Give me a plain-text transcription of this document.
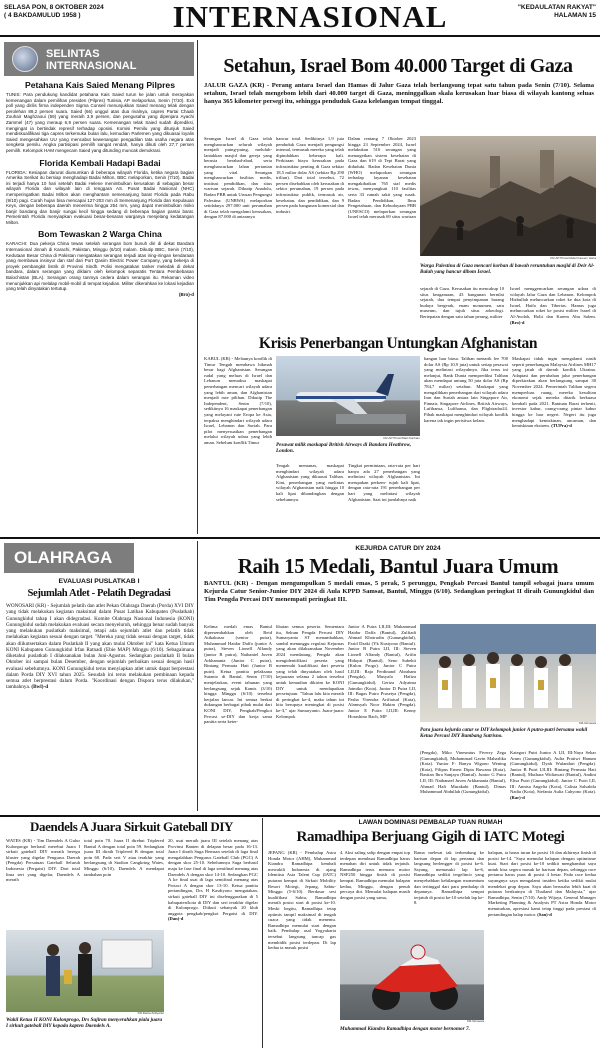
SELASA PON, 8 OKTOBER 2024
( 4 BAKDAMULUD 1958 )	INTERNASIONAL	"KEDAULATAN RAKYAT"
HALAMAN 15
SELINTAS
INTERNASIONAL
Petahana Kais Saied Menang Pilpres

TUNIS: Para pendukung kandidat petahana Kais Saied turun ke jalan untuk merayakan kemenangan dalam pemilihan presiden (Pilpres) Tunisia, AP melaporkan, Senin (7/10). Exit poll yang dirilis firma independen Sigma Conseil menunjukkan Saied menang telak dengan perolehan 89,2 persen suara. Saied (66) unggul atas dua rivalnya, capres Partai Chaab Zouhair Maghzaoui (59) yang meraih 3,9 persen, dan pengusaha yang dipenjara Ayachi Zammel (47) yang meraup 6,9 persen suara. Kemenangan telak Saied sudah diprediksi, mengingat ia bertindak represif terhadap oposisi. Komisi Pemilu yang ditunjuk Saied mendiskualifikasi tiga capres terkemuka bulan lalu, kemudian Parlemen yang dikuasai loyalis Saied mengesahkan UU yang mencabut kewenangan pengadilan tata usaha negara atas sengketa pemilu. Angka partisipasi pemilih sangat rendah, hanya dikuti oleh 27,7 persen pemilih. Kelompok HAM mengecam Saied yang ditunding muncak demokrasi.

Florida Kembali Hadapi Badai

FLORIDA: Kesiapan darurat diumumkan di beberapa wilayah Florida, ketika negara bagian Amerika Serikat itu bersiap menghadapi Badai Milton, BBC melaporkan, Senin (7/10). Badai ini terjadi hanya 10 hari setelah Badai Helene menimbulkan kerusakan di sebagian besar wilayah Florida dan wilayah lain di tenggara AS. Pusat Badai Nasional (NHC) memperingatkan Badai Milton akan menghantam semenanjung barat Florida pada Rabu (9/10) pagi. Curah hujan bisa mencapai 127-203 mm di Semenanjung Florida dan Kepulauan Keys, dengan beberapa daerah menerima hingga 254 mm, yang dapat menimbulkan risiko banjir bandang dan banjir sungai kecil hingga sedang di beberapa bagian pantai barat. Pemerintah Florida menyiapkan evakuasi besar-besaran warganya menjelang kedatangan Milton.

Bom Tewaskan 2 Warga China

KARACHI: Dua pekerja China tewas setelah serangan bom bunuh diri di dekat Bandara Internasional Jinnah di Karachi, Pakistan, Minggu (6/10) malam. Dikutip BBC, Senin (7/10), Kedutaan Besar China di Pakistan mengatakan serangan terjadi atas iring-iringan kendaraan yang membawa insinyur dan staf dari Port Qasim Electric Power Company, yang bekerja di proyek pembangkit listrik di Provinsi Sindh. Polisi mengatakan tanker meledak di dekat bandara, dalam serangan yang diklaim oleh kelompok separatis Tentara Pembebasan Balochistan (BLA). Serangan orang tanmya cedera dalam serangan itu. Rekaman video menunjukkan api melalap mobil-mobil di tempat kejadian. Militer dikerahkan ke lokasi kejadian yang telah dinyatakan tertutup.

(Bro)-d

Setahun, Israel Bom 40.000 Target di Gaza
JALUR GAZA (KR) - Perang antara Israel dan Hamas di Jalur Gaza telah berlangsung tepat satu tahun pada Senin (7/10). Selama setahun, Israel telah mengebom lebih dari 40.000 target di Gaza, meninggalkan skala kerusakan luar biasa di wilayah kantong seluas hanya 365 kilometer persegi itu, sehingga penduduk Gaza kelelangan tempat tinggal.
Serangan Israel di Gaza telah menghancurkan seluruh wilayah menjadi puing-puing, meluluh-lantakkan masjid dan gereja yang berusia berabad-abad, serta menghancurkan lahan pertanian yang vital. Serangan menghancurkan fasilitas medis, institusi pendidikan, dan situs warisan sejarah. Dikutip Anadolu, Badan PBB untuk Urusan Pengungsi Palestina (UNRWA) melaporkan setidaknya 297.000 unit perumahan di Gaza telah mengalami kerusakan, dengan 87.000 di antaranya
hancur total. Sedikitnya 1,9 juta penduduk Gaza menjadi pengungsi internal, termasuk mereka yang telah dipindahkan beberapa kali. Perkiraan biaya kerusakan pada infrastruktur penting di Gaza sekitar 18,5 miliar dolar AS (sekitar Rp 290 triliun). Dari total tersebut, 72 persen disebabkan oleh kerusakan di sektor perumahan, 19 persen pada infrastruktur publik, termasuk air, kesehatan, dan pendidikan, dan 9 persen pada bangunan komersial dan industri.
Dalam rentang 7 Oktober 2023 hingga 23 September 2024, Israel melakukan 516 serangan yang menargetkan sistem kesehatan di Gaza dan 619 di Tepi Barat yang diduduki. Badan Kesehatan Dunia (WHO) melaporkan serangan terhadap layanan kesehatan mengakibatkan 765 staf medis tewas, menyangkuti 110 fasilitas serta 33 rumah sakit yang rusak. Badan Pendidikan, Ilmu Pengetahuan, dan Kebudayaan PBB (UNESCO) melaporkan serangan Israel telah merusak 69 situs warisan
KR-AP Photo/Abdel Kareem Hana
Warga Palestina di Gaza mencari korban di bawah reruntuhan masjid di Deir Al-Balah yang hancur dibom Israel.
sejarah di Gaza. Kerusakan itu mencakup 10 situs keagamaan, 43 bangunan bernilai sejarah, dua tempat penyimpanan barang budaya bergerak, enam monumen, satu museum, dan tujuh situs arkeologi. Bertepatan dengan satu tahun perang, militer
Israel menggencarkan serangan udara di wilayah Jalur Gaza dan Lebanon. Kelompok Hizbullah meluncurkan roket ke dua kota di Israel, Haifa dan Tiberias. Hamas juga meluncurkan roket ke posisi militer Israel di Al-Awdah, Holit dan Karem Abu Salem. (Bro)-d
Krisis Penerbangan Untungkan Afghanistan
KABUL (KR) - Melaunya konflik di Timur Tengah membawa hikmah besar bagi Afghanistan. Serangan rudal yang meluas di Israel dan Lebanon memaksa maskapai penerbangan mencari wilayah udara yang lebih aman, dan Afghanistan menjadi rute pilihan. Dikutip The Independent, Senin (7/10), sedikitnya 16 maskapai penerbangan yang melayani rute Eropa ke Asia, terpaksa menghindari wilayah udara Israel, Lebanon dan Suriah. Para pilot menyesuaikan penerbangan melalui wilayah udara yang lebih aman. Sebelum konflik Timur
KR-AP Photo/Matt Dunham
Pesawat milik maskapai British Airways di Bandara Heathrow, London.
Tengah memanas, maskapai menghindari wilayah udara Afghanistan yang dikuasai Taliban. Kini, penerbangan yang melintas wilayah Afghanistan naik hingga 10 kali lipat dibandingkan dengan sebelumnya.
Tingkat permintaan, rata-rata per hari hanya ada 27 penerbangan yang melintasi wilayah Afghanistan. Ini merupakan perkem- tujuh kali lipat, dengan rata-rata 191 penerbangan per hari yang melintasi wilayah Afghanistan. Saat ini jumlahnya naik
bangan luar biasa. Taliban menarik fee 700 dolar AS (Rp 10,9 juta) untuk setiap pesawat yang melintasi wilayahnya. Jika terus ini melanjut, Bank Dunia memprediksi Taliban akan mendapat untung 50 juta dolar AS (Rp 784,7 miliar) setahun. Maskapai yang mengalihkan penerbangan dari wilayah udara Iran dan Suriah antara lain Singapore Air, Finnair, Singapore Airlines, British Airways, Lufthansa, Lufthansa, dan Flightradar24. Pihak maskapai menghindari wilayah konflik karena tak ingin peristiwa kelam.
Maskapai tidak ingin mengalami nasib seperti penerbangan Malaysia Airlines MH17 yang jatuh di daerah konflik Ukraina. Adaptasi dan perubahan jalur penerbangan diperkirakan akan berlangsung sampai 30 November 2024. Pemerintah Taliban segera memperluas ruang, mereka kesulitan ekonomi sejak mereka ditarik berkuasa kembali pada 2021. Bantuan Barat terhenti, investor kabur, orang-orang pintar kabur hingga ke luar negeri. Negeri itu juga menghadapi kemiskinan, ancaman, dan kemiskinan ekstrem. (TUPra)-d
OLAHRAGA
EVALUASI PUSLATKAB I
Sejumlah Atlet - Pelatih Degradasi
WONOSARI (KR) - Sejumlah pelatih dan atlet Pekan Olahraga Daerah (Porda) XVI DIY yang tidak melakukan kegiatan maksimal dalam Pusat Latihan Kabupaten (Puslatkab) Gunungkidul tahap I akan didegradasi. Komite Olahraga Nasional Indonesia (KONI) Gunungkidul sudah melakukan evaluasi secara menyeluruh, sehingga benar sudah banyak yang melakukan puslatkab maksimal, tetapi ada sejumlah atlet dan pelatih tidak melakukan kegiatan sesuai dengan target. "Mereka yang tidak sesuai dengan target, tidak akan diikutsertakan dalam Puslatkab II yang akan mulai Oktober ini" kata Ketua Umum KONI Kabupaten Gunungkidul Irfan Ratnadi (Ebie MAP) Minggu (6/10). Sebagaimana diketahui puslatkab I dilaksanakan bulan Juni-Agustus. Sedangkan puslatkab II bulan Oktober ini sampai bulan Desember, dengan sejumlah perbaikan sesuai dengan hasil evaluasi sebelumnya. KONI Gunungkidul terus menyiapkan atlet untuk dapat berprestasi dalam Porda DIY XVI tahun 2025. Sesudah ini terus melakukan pembinaan kepada semua atlet berprestasi dalam Porda. "Koordinasi dengan Dispora terus dilakukan," tambahnya. (Bwl)-d
KEJURDA CATUR DIY 2024
Raih 15 Medali, Bantul Juara Umum
BANTUL (KR) - Dengan mengumpulkan 5 medali emas, 5 perak, 5 perunggu, Pengkab Percasi Bantul tampil sebagai juara umum Kejurda Catur Senior-Junior DIY 2024 di Aula KPPD Samsat, Bantul, Minggu (6/10). Sedangkan peringkat II diraih Gunungkidul dan Tim Pengda Percasi DIY menempati peringkat III.
Kelima medali emas Bantul dipersembahkan oleh Reid Atikakusar (senior putra), Muhammad Haidar Daffa (junior A putra), Steven Lionell Alfandy (junior B putra), Nathaniel Juven Arkhananta (Junior C putra), Bintang Permata Hati (Junior B putri). Ketua panitia pelaksana Sutanto di Bantul, Senin (7/10) menjelaskan, event tahunan yang berlangsung sejak Kamis (3/10) hingga Minggu (6/10) tersebut berjalan lancar. Ini semua berkat dukungan berbagai pihak mulai dari KONI DIY, Pengkab/Pengkot Percasi se-DIY dan kerja sama panitia serta keter-
libatan semua peserta. Sementara itu, Sekum Pengda Percasi DIY Sumaryanto ST menambahkan, sambil menunggu regulasi Kejurnas yang akan dilaksanakan November 2024 mendatang, Pengda akan mengidentifikasi peserta yang memenuhi kualifikasi dari peserta yang telah dinyatakan oleh hasil kejuaraan selama 2 tahun tersebut untuk kemudian dikirim ke KONI DIY untuk mendapatkan persetujuan. "Tahun lalu kita meraih di peringkat ke-4, maka tahun ini kita berupaya meningkat di posisi ke-3," ujar Sumaryanto. Juara-juara: Kelompok
Junior A Putra I,II,III: Muhammad Haidar Daffa (Bantul), Zulfiadi Ahmad Khoirudin (Gunungkidul), Farid Dzaki (Yk Kustyono (Bantul). Junior B Putra I,II, III: Steven Lionell Alfandy (Bantul), Arifin Hidayat (Bantul), Seno Subekti (Kulon Progo). Junior C Putra I,II,III: Raja Ferdinand Abraham (Pengda), Musyafa Hafiza (Gunungkidul), Geriza Adyatma Jatmiko (Kota). Junior D Putra I,II, III: Bagas Putro Prasetya (Pengda), Pasha Virendra Arifiaisal (Kota), Alamsyah Noor Hakim (Pengda). Junior E Putra I,II,III: Kenny Horashino Bach, MP
KR-Istimewa
Para juara kejurda catur se DIY kelompok junior A putra-putri bersama wakil Ketua Percasi DIY Bambang Sutrisno.
(Pengda), Miko Vinesmius Fiverry Zega (Gunungkidul), Muhammad Gavin Maharlika (Kota). Yunior F: Banyu Wigono Wening (Kota), Filipus Ernest Dipta Buwana (Kota), Bastian Ibra Sanjaya (Bantul). Junior G Putra I,II, III: Nathanael Juven Arkhananta (Bantul), Ahmad Hafi Murakabi (Bantul), Dimas Muhammad Abdullah (Gunungkidul).
Kategori Putri Junior A I,II, III:Naya Sekar Arum (Gunungkidul), Aulia Pratiwi Hanum (Gunungkidul), Dyah Wulandari (Pengda). Junior B Putri I,II,III: Bintang Permata Hati (Bantul), Muthara Widiawati (Bantul), Andini Elisa Putri (Gunungkidul). Junior C Putri I,II, III: Annisa Angelia (Kota), Calista Salsabila Nadia (Kota), Stefania Aulia Cahyono (Kota). (Rar)-d
Daendels A Juara Sirkuit Gateball DIY
WATES (KR) - Tim Daendels A Gulur Kulonprogo berhasil merebut Juara I sirkuit gateball DIY meraih beregu kluster yang digelar Pengurus Daerah (Pengda) Persatuan Gateball Seluruh Indonesia (Pergatsi) DIY. Dari total lima seri yang digelar, Daendels A meraih
total poin 70. Juara II direbut Triplered Bantul A dengan total poin 59. Sedangkan juara III diraih Triplered B dengan total poin 60. Pada seri V atau terakhir yang berlangsung di Stadion Cangkring Wates, Minggu (6/10), Daendels A mendapat tambahan poin
20, usai meraih juara III setelah menang atas Provinsi Banten di delapan besar pada 16-13. Juara I diraih Suga Bemsan setelah di laga final mengalahkan Pengurus Gateball Club (PGC) A dengan skor 25-10. Sebelumnya Suga berhasil maju ke fase final di laga semifinal menang atas Daendels A dengan skor 14-10. Sedangkan PGC A ke final usai di laga semifinal menang atas Protaci A dengan skor 13-10. Ketua panitia pertandingan, Drs H Kasdiyono mengatakan, sirkuit gateball DIY ini diselenggarakan di 5 kabupaten/kota di DIY dan seri terakhir digelar di Kulonprogo. Diikuti sebanyak 20 klub anggota pengkab/pengkot Pergatsi di DIY. (Dan)-d
KR-Dania Ardiyanto
Wakil Ketua II KONI Kulonprogo, Drs Sujiran menyerahkan piala juara I sirkuit gateball DIY kepada kapten Daendels A.
LAWAN DOMINASI PEMBALAP TUAN RUMAH
Ramadhipa Berjuang Gigih di IATC Motegi
JEPANG (KR) - Pembalap Astra Honda Motor (AHM), Muhammad Kiandra Ramadhipa kembali mewakili Indonesia di ajang Idemitsu Asia Talent Cup (IATC) putaran kempat di Sirkuit Mobility Resort Motegi, Jepang, Sabtu-Minggu (5-6/10). Berdasar sesi kualifikasi Sabtu, Ramadhipa meraih posisi start di posisi ke-10. Meski begitu, Ramadhipa tetap optimis tampil maksimal di tengah cuaca yang tidak menentu. Ramadhipa memulai start dengan baik. Pembalap asal Yogyakarta tersebut langsung tancap gas membidik posisi terdepan. Di lap kedua ia masuk posisi
4. Aksi saling salip dengan empat top terdepan membuat Ramadhipa harus menahan diri untuk tidak terjatuh. Ramadhipa terus memacu motor NSF250 hingga finish di posisi kempat. Ramadhipa memulai balapan kedua, Minggu, dengan penuh percaya diri. Memulai balapan masih dengan posisi yang sama,
Rama melesat tak terbendung ke barisan depan di lap pertama dan langsung berlengger di posisi ke-6. Sayang, memasuki lap ke-6, Ramadhipa sedikit tergelincir yang menyebabkan kehilangan momentum dan tertinggal dari para pembalap di depannya. Ramadhipa sempat terjatuh di posisi ke-10 setelah lap ke-8.
KR-Istimewa
Muhammad Kiandra Ramadhipa dengan motor bernomor 7.
balapan, ia harus turun ke posisi 16 dan akhirnya finish di posisi ke-14. "Saya memulai balapan dengan optimisme kuat. Start dari posisi ke-10 sedikit menghambat saya untuk bisa segera masuk ke barisan depan, sehingga race pertama harus puas di posisi 4 besar. Pada race kedua sayangnya saya mengalami insiden ketika sedikit mulai mendekat grup depan. Saya akan berusaha lebih kuat di putaran berikutnya di Thailand dan Malaysia," ujar Ramadhipa, Senin (7/10). Andy Wijaya, General Manager Marketing Planning & Analysis PT Astra Honda Motor menuturkan, apresiasi kami tetap tinggi pada prestasi di pertandingan balap motor. (San)-d
